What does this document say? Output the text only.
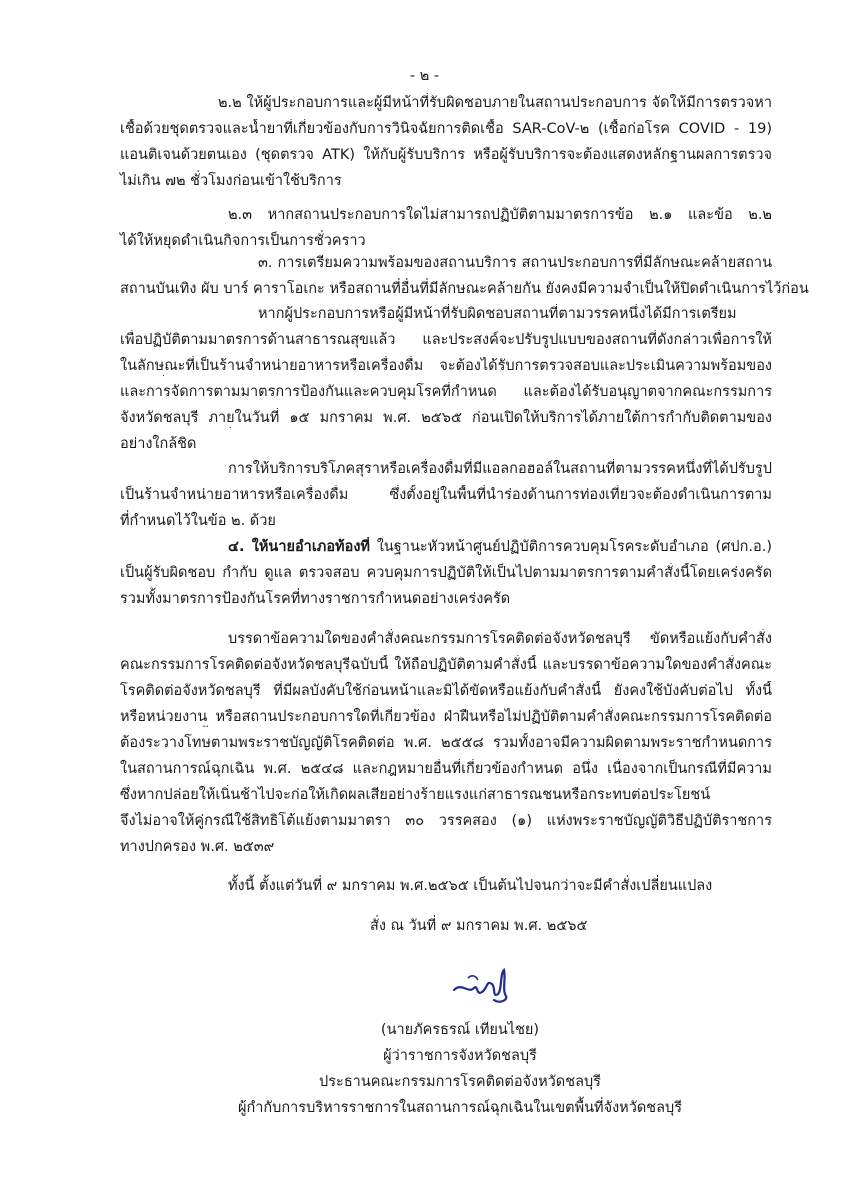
- ๒ -
๒.๒ ให้ผู้ประกอบการและผู้มีหน้าที่รับผิดชอบภายในสถานประกอบการ จัดให้มีการตรวจหา
เชื้อด้วยชุดตรวจและน้ำยาที่เกี่ยวข้องกับการวินิจฉัยการติดเชื้อ SAR-CoV-๒ (เชื้อก่อโรค COVID - 19)
แอนติเจนด้วยตนเอง (ชุดตรวจ ATK) ให้กับผู้รับบริการ หรือผู้รับบริการจะต้องแสดงหลักฐานผลการตรวจ
ไม่เกิน ๗๒ ชั่วโมงก่อนเข้าใช้บริการ
๒.๓ หากสถานประกอบการใดไม่สามารถปฏิบัติตามมาตรการข้อ ๒.๑ และข้อ ๒.๒
ได้ให้หยุดดำเนินกิจการเป็นการชั่วคราว
๓. การเตรียมความพร้อมของสถานบริการ สถานประกอบการที่มีลักษณะคล้ายสถาน
สถานบันเทิง ผับ บาร์ คาราโอเกะ หรือสถานที่อื่นที่มีลักษณะคล้ายกัน ยังคงมีความจำเป็นให้ปิดดำเนินการไว้ก่อน
หากผู้ประกอบการหรือผู้มีหน้าที่รับผิดชอบสถานที่ตามวรรคหนึ่งได้มีการเตรียม
เพื่อปฏิบัติตามมาตรการด้านสาธารณสุขแล้ว และประสงค์จะปรับรูปแบบของสถานที่ดังกล่าวเพื่อการให้
ในลักษณะที่เป็นร้านจำหน่ายอาหารหรือเครื่องดื่ม จะต้องได้รับการตรวจสอบและประเมินความพร้อมของ
และการจัดการตามมาตรการป้องกันและควบคุมโรคที่กำหนด และต้องได้รับอนุญาตจากคณะกรรมการ
จังหวัดชลบุรี ภายในวันที่ ๑๕ มกราคม พ.ศ. ๒๕๖๕ ก่อนเปิดให้บริการได้ภายใต้การกำกับติดตามของ
อย่างใกล้ชิด
การให้บริการบริโภคสุราหรือเครื่องดื่มที่มีแอลกอฮอล์ในสถานที่ตามวรรคหนึ่งที่ได้ปรับรูป
เป็นร้านจำหน่ายอาหารหรือเครื่องดื่ม ซึ่งตั้งอยู่ในพื้นที่นำร่องด้านการท่องเที่ยวจะต้องดำเนินการตาม
ที่กำหนดไว้ในข้อ ๒. ด้วย
๔. ให้นายอำเภอท้องที่ ในฐานะหัวหน้าศูนย์ปฏิบัติการควบคุมโรคระดับอำเภอ (ศปก.อ.)
เป็นผู้รับผิดชอบ กำกับ ดูแล ตรวจสอบ ควบคุมการปฏิบัติให้เป็นไปตามมาตรการตามคำสั่งนี้โดยเคร่งครัด
รวมทั้งมาตรการป้องกันโรคที่ทางราชการกำหนดอย่างเคร่งครัด
บรรดาข้อความใดของคำสั่งคณะกรรมการโรคติดต่อจังหวัดชลบุรี ขัดหรือแย้งกับคำสั่ง
คณะกรรมการโรคติดต่อจังหวัดชลบุรีฉบับนี้ ให้ถือปฏิบัติตามคำสั่งนี้ และบรรดาข้อความใดของคำสั่งคณะ
โรคติดต่อจังหวัดชลบุรี ที่มีผลบังคับใช้ก่อนหน้าและมิได้ขัดหรือแย้งกับคำสั่งนี้ ยังคงใช้บังคับต่อไป ทั้งนี้
หรือหน่วยงาน หรือสถานประกอบการใดที่เกี่ยวข้อง ฝ่าฝืนหรือไม่ปฏิบัติตามคำสั่งคณะกรรมการโรคติดต่อ
ต้องระวางโทษตามพระราชบัญญัติโรคติดต่อ พ.ศ. ๒๕๕๘ รวมทั้งอาจมีความผิดตามพระราชกำหนดการ
ในสถานการณ์ฉุกเฉิน พ.ศ. ๒๕๔๘ และกฎหมายอื่นที่เกี่ยวข้องกำหนด อนึ่ง เนื่องจากเป็นกรณีที่มีความ
ซึ่งหากปล่อยให้เนิ่นช้าไปจะก่อให้เกิดผลเสียอย่างร้ายแรงแก่สาธารณชนหรือกระทบต่อประโยชน์
จึงไม่อาจให้คู่กรณีใช้สิทธิโต้แย้งตามมาตรา ๓๐ วรรคสอง (๑) แห่งพระราชบัญญัติวิธีปฏิบัติราชการ
ทางปกครอง พ.ศ. ๒๕๓๙
ทั้งนี้ ตั้งแต่วันที่ ๙ มกราคม พ.ศ.๒๕๖๕ เป็นต้นไปจนกว่าจะมีคำสั่งเปลี่ยนแปลง
สั่ง ณ วันที่ ๙ มกราคม พ.ศ. ๒๕๖๕
(นายภัครธรณ์ เทียนไชย)
ผู้ว่าราชการจังหวัดชลบุรี
ประธานคณะกรรมการโรคติดต่อจังหวัดชลบุรี
ผู้กำกับการบริหารราชการในสถานการณ์ฉุกเฉินในเขตพื้นที่จังหวัดชลบุรี
